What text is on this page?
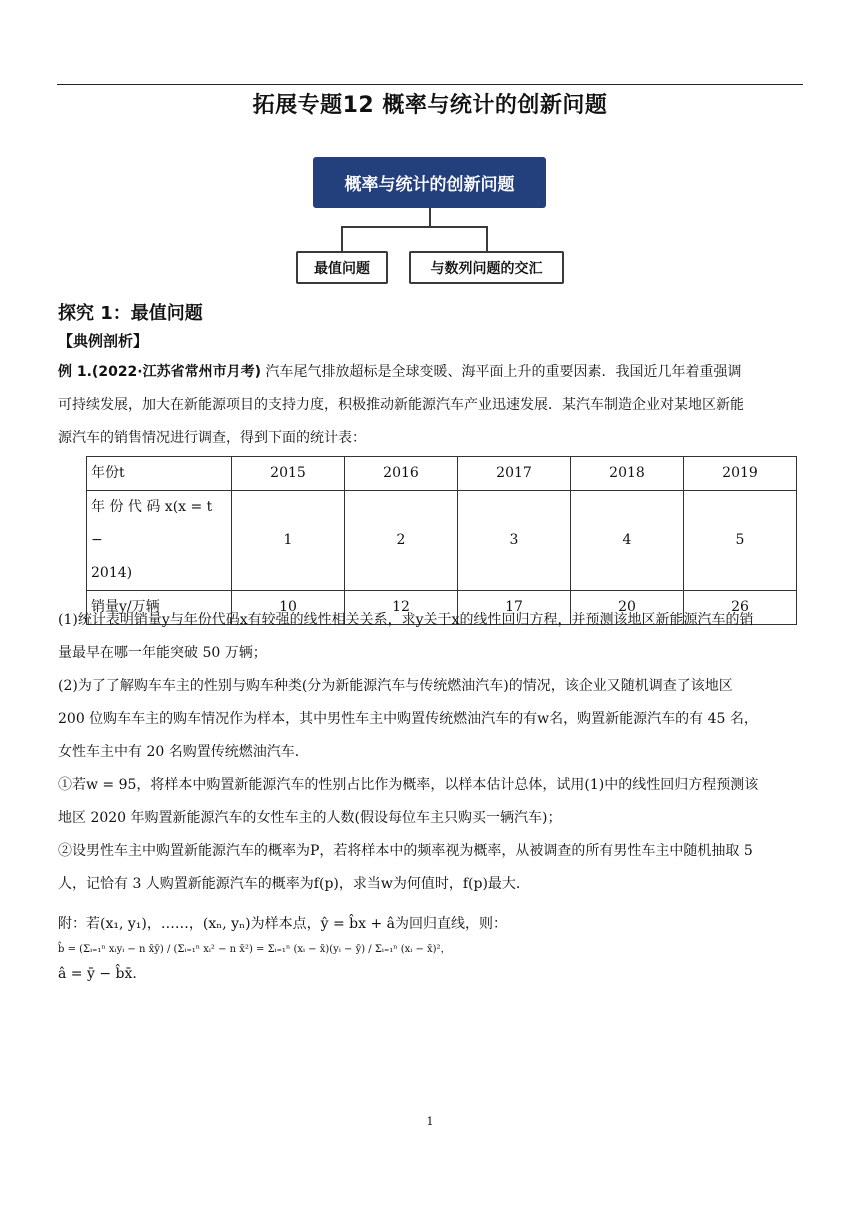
拓展专题12 概率与统计的创新问题
概率与统计的创新问题
最值问题	与数列问题的交汇
探究 1：最值问题
【典例剖析】
例 1.(2022·江苏省常州市月考) 汽车尾气排放超标是全球变暖、海平面上升的重要因素．我国近几年着重强调
可持续发展，加大在新能源项目的支持力度，积极推动新能源汽车产业迅速发展．某汽车制造企业对某地区新能
源汽车的销售情况进行调查，得到下面的统计表：
年份t	2015	2016	2017	2018	2019
年 份 代 码 x(x = t −
2014)	1	2	3	4	5
销量y/万辆	10	12	17	20	26
(1)统计表明销量y与年份代码x有较强的线性相关关系，求y关于x的线性回归方程，并预测该地区新能源汽车的销
量最早在哪一年能突破 50 万辆；
(2)为了了解购车车主的性别与购车种类(分为新能源汽车与传统燃油汽车)的情况，该企业又随机调查了该地区
200 位购车车主的购车情况作为样本，其中男性车主中购置传统燃油汽车的有w名，购置新能源汽车的有 45 名，
女性车主中有 20 名购置传统燃油汽车．
①若w = 95，将样本中购置新能源汽车的性别占比作为概率，以样本估计总体，试用(1)中的线性回归方程预测该
地区 2020 年购置新能源汽车的女性车主的人数(假设每位车主只购买一辆汽车)；
②设男性车主中购置新能源汽车的概率为P，若将样本中的频率视为概率，从被调查的所有男性车主中随机抽取 5
人，记恰有 3 人购置新能源汽车的概率为f(p)，求当w为何值时，f(p)最大．
附：若(x₁, y₁)，……，(xₙ, yₙ)为样本点，ŷ = b̂x + â为回归直线，则：
b̂ = (Σᵢ₌₁ⁿ xᵢyᵢ − n x̄ȳ) / (Σᵢ₌₁ⁿ xᵢ² − n x̄²) = Σᵢ₌₁ⁿ (xᵢ − x̄)(yᵢ − ȳ) / Σᵢ₌₁ⁿ (xᵢ − x̄)²，
â = ȳ − b̂x̄.
1
